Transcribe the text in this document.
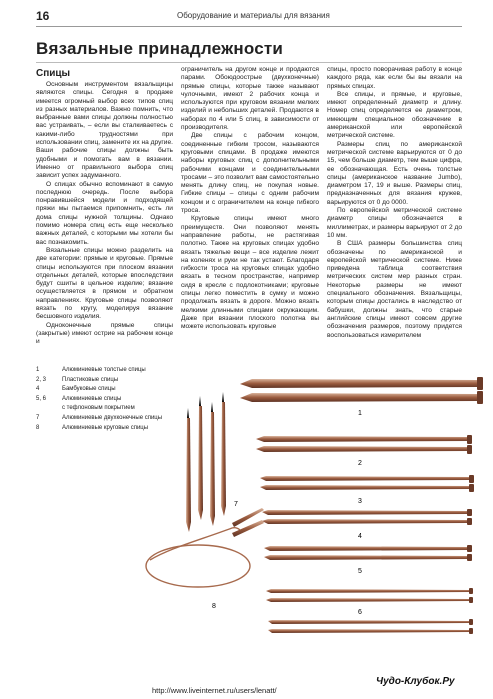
16	Оборудование и материалы для вязания
Вязальные принадлежности
Спицы

Основным инструментом вязальщицы являются спицы. Сегодня в продаже имеется огромный выбор всех типов спиц из разных материалов. Важно помнить, что выбранные вами спицы должны полностью вас устраивать, – если вы сталкиваетесь с какими-либо трудностями при использовании спиц, замените их на другие. Ваши рабочие спицы должны быть удобными и помогать вам в вязании. Именно от правильного выбора спиц зависит успех задуманного.

О спицах обычно вспоминают в самую последнюю очередь. После выбора понравившейся модели и подходящей пряжи мы пытаемся припомнить, есть ли дома спицы нужной толщины. Однако помимо номера спиц есть еще несколько важных деталей, с которыми мы хотели бы вас познакомить.

Вязальные спицы можно разделить на две категории: прямые и круговые. Прямые спицы используются при плоском вязании отдельных деталей, которые впоследствии будут сшиты в цельное изделие; вязание осуществляется в прямом и обратном направлениях. Круговые спицы позволяют вязать по кругу, моделируя вязание бесшовного изделия.

Одноконечные прямые спицы (закрытые) имеют острие на рабочем конце и

ограничитель на другом конце и продаются парами. Обоюдоострые (двухконечные) прямые спицы, которые также называют чулочными, имеют 2 рабочих конца и используются при круговом вязании мелких изделий и небольших деталей. Продаются в наборах по 4 или 5 спиц, в зависимости от производителя.

Две спицы с рабочим концом, соединенные гибким тросом, называются круговыми спицами. В продаже имеются наборы круговых спиц с дополнительными рабочими концами и соединительными тросами – это позволит вам самостоятельно менять длину спиц, не покупая новые. Гибкие спицы – спицы с одним рабочим концом и с ограничителем на конце гибкого троса.

Круговые спицы имеют много преимуществ. Они позволяют менять направление работы, не растягивая полотно. Также на круговых спицах удобно вязать тяжелые вещи – все изделие лежит на коленях и руки не так устают. Благодаря гибкости троса на круговых спицах удобно вязать в тесном пространстве, например сидя в кресле с подлокотниками; круговые спицы легко поместить в сумку и можно продолжать вязать в дороге. Можно вязать мелкими длинными спицами окружающим. Даже при вязании плоского полотна вы можете использовать круговые

спицы, просто поворачивая работу в конце каждого ряда, как если бы вы вязали на прямых спицах.

Все спицы, и прямые, и круговые, имеют определенный диаметр и длину. Номер спиц определяется ее диаметром, имеющим специальное обозначение в американской или европейской метрической системе.

Размеры спиц по американской метрической системе варьируются от 0 до 15, чем больше диаметр, тем выше цифра, ее обозначающая. Есть очень толстые спицы (американское название Jumbo), диаметром 17, 19 и выше. Размеры спиц, предназначенных для вязания кружев, варьируются от 0 до 0000.

По европейской метрической системе диаметр спицы обозначается в миллиметрах, и размеры варьируют от 2 до 10 мм.

В США размеры большинства спиц обозначены по американской и европейской метрической системе. Ниже приведена таблица соответствия метрических систем мер разных стран. Некоторые размеры не имеют специального обозначения. Вязальщицы, которым спицы достались в наследство от бабушки, должны знать, что старые английские спицы имеют совсем другие обозначения размеров, поэтому придется воспользоваться измерителем

1	Алюминиевые толстые спицы
2, 3	Пластиковые спицы
4	Бамбуковые спицы
5, 6	Алюминиевые спицы
с тефлоновым покрытием
7	Алюминиевые двухконечные спицы
8	Алюминиевые круговые спицы
1
2
3
4
5
6
7
8
http://www.liveinternet.ru/users/lenatt/
Чудо-Клубок.Ру
